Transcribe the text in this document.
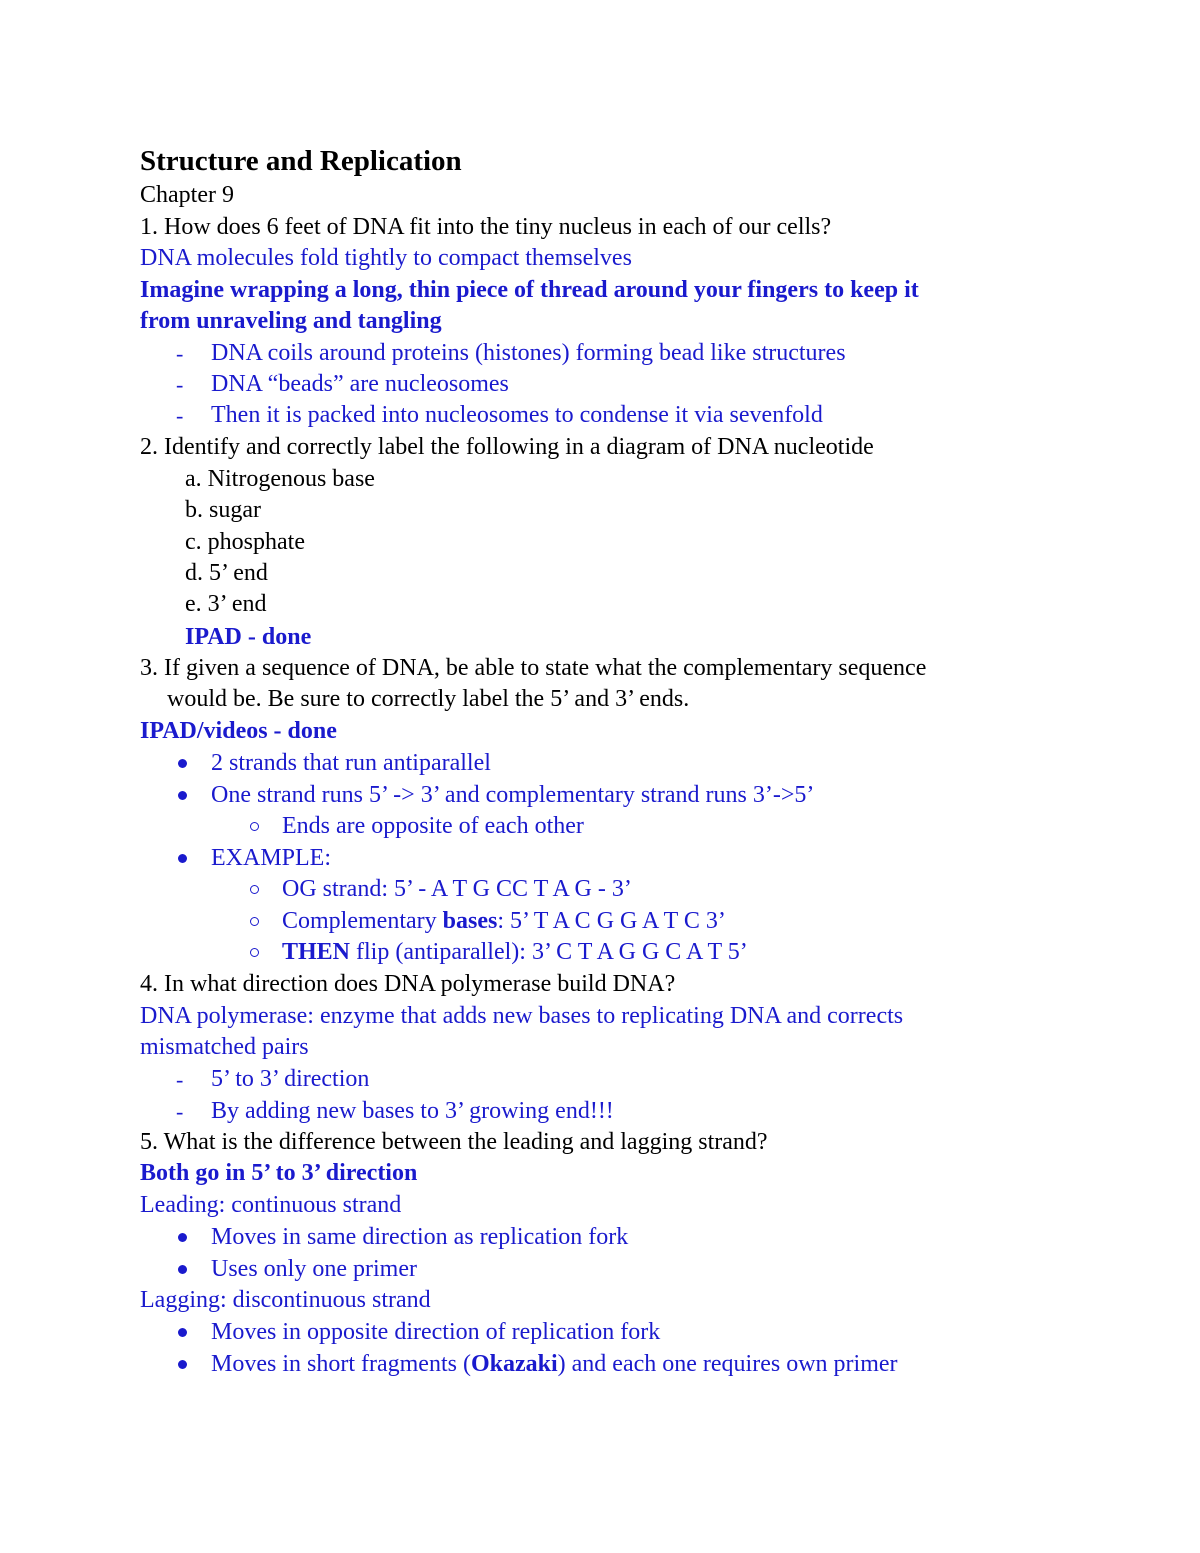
Structure and Replication
Chapter 9
1. How does 6 feet of DNA fit into the tiny nucleus in each of our cells?
DNA molecules fold tightly to compact themselves
Imagine wrapping a long, thin piece of thread around your fingers to keep it
from unraveling and tangling
- DNA coils around proteins (histones) forming bead like structures
- DNA “beads” are nucleosomes
- Then it is packed into nucleosomes to condense it via sevenfold
2. Identify and correctly label the following in a diagram of DNA nucleotide
a. Nitrogenous base
b. sugar
c. phosphate
d. 5’ end
e. 3’ end
IPAD - done
3. If given a sequence of DNA, be able to state what the complementary sequence
would be. Be sure to correctly label the 5’ and 3’ ends.
IPAD/videos - done
2 strands that run antiparallel
One strand runs 5’ -> 3’ and complementary strand runs 3’->5’
Ends are opposite of each other
EXAMPLE:
OG strand: 5’ - A T G CC T A G - 3’
Complementary bases: 5’ T A C G G A T C 3’
THEN flip (antiparallel): 3’ C T A G G C A T 5’
4. In what direction does DNA polymerase build DNA?
DNA polymerase: enzyme that adds new bases to replicating DNA and corrects
mismatched pairs
- 5’ to 3’ direction
- By adding new bases to 3’ growing end!!!
5. What is the difference between the leading and lagging strand?
Both go in 5’ to 3’ direction
Leading: continuous strand
Moves in same direction as replication fork
Uses only one primer
Lagging: discontinuous strand
Moves in opposite direction of replication fork
Moves in short fragments (Okazaki) and each one requires own primer
